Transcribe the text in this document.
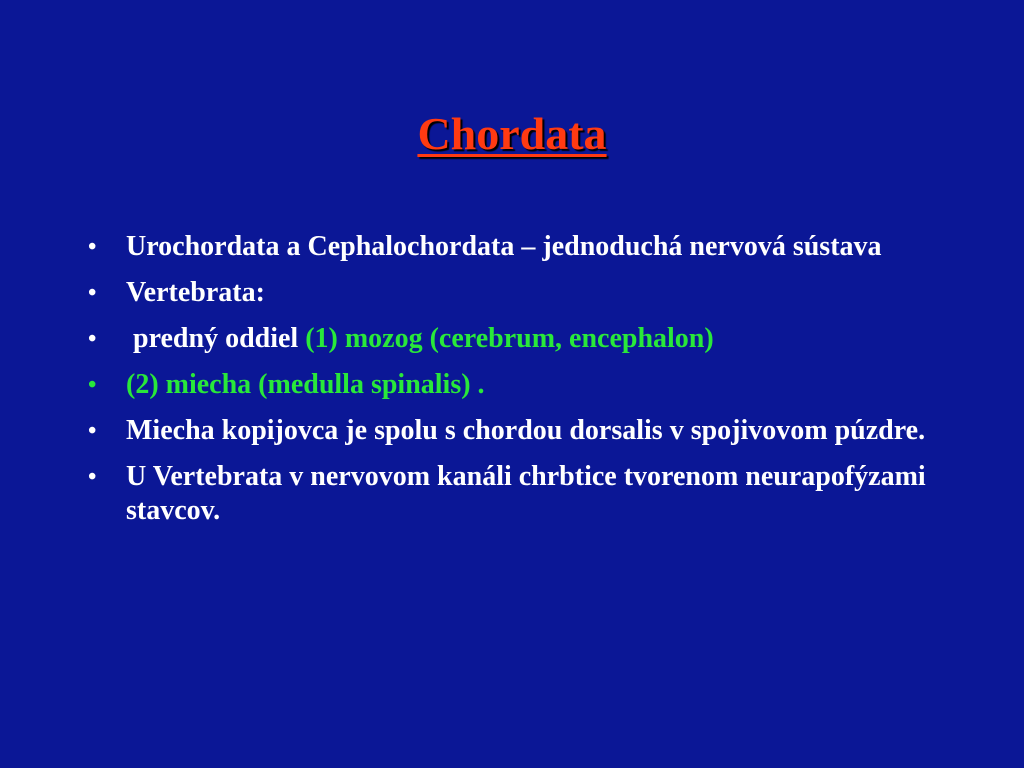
Chordata
•	Urochordata a Cephalochordata – jednoduchá nervová sústava
•	Vertebrata:
•	predný oddiel (1) mozog (cerebrum, encephalon)
•	(2) miecha (medulla spinalis) .
•	Miecha kopijovca je spolu s chordou dorsalis v spojivovom púzdre.
•	U Vertebrata v nervovom kanáli chrbtice tvorenom neurapofýzami stavcov.
